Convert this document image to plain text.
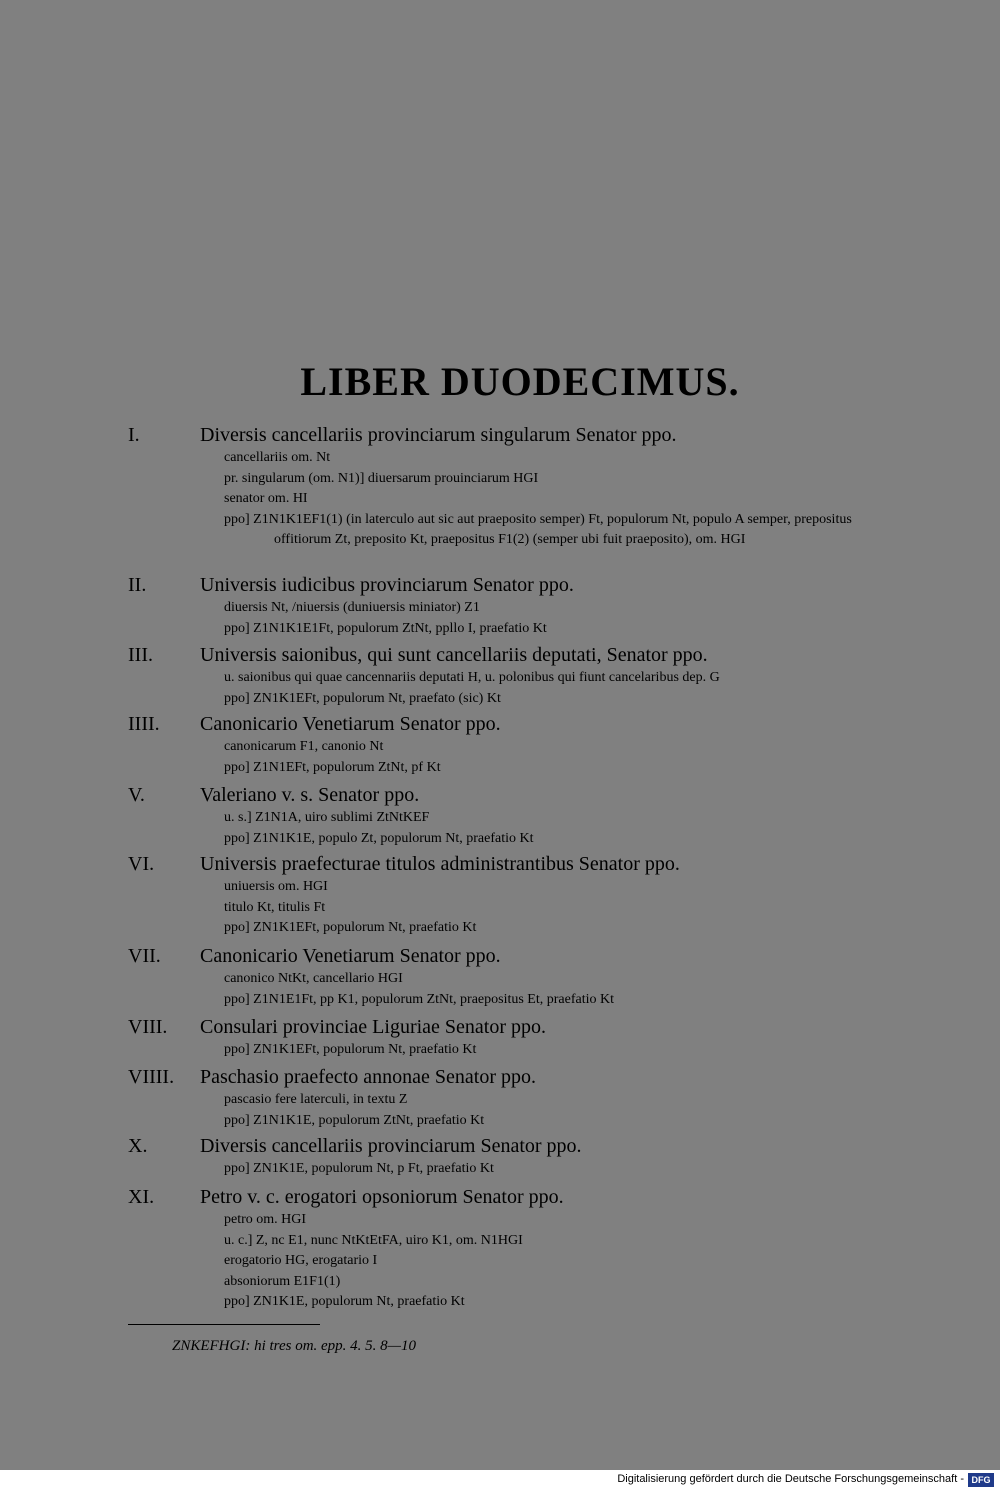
LIBER DUODECIMUS.
I.	Diversis cancellariis provinciarum singularum Senator ppo.
cancellariis om. Nt
pr. singularum (om. N1)] diuersarum prouinciarum HGI
senator om. HI
ppo] Z1N1K1EF1(1) (in laterculo aut sic aut praeposito semper) Ft, populorum Nt, populo A semper, prepositus offitiorum Zt, preposito Kt, praepositus F1(2) (semper ubi fuit praeposito), om. HGI
II.	Universis iudicibus provinciarum Senator ppo.
diuersis Nt, /niuersis (duniuersis miniator) Z1
ppo] Z1N1K1E1Ft, populorum ZtNt, ppllo I, praefatio Kt
III. Universis saionibus, qui sunt cancellariis deputati, Senator ppo.
u. saionibus qui quae cancennariis deputati H, u. polonibus qui fiunt cancelaribus dep. G
ppo] ZN1K1EFt, populorum Nt, praefato (sic) Kt
IIII. Canonicario Venetiarum Senator ppo.
canonicarum F1, canonio Nt
ppo] Z1N1EFt, populorum ZtNt, pf Kt
V.	Valeriano v. s. Senator ppo.
u. s.] Z1N1A, uiro sublimi ZtNtKEF
ppo] Z1N1K1E, populo Zt, populorum Nt, praefatio Kt
VI. Universis praefecturae titulos administrantibus Senator ppo.
uniuersis om. HGI
titulo Kt, titulis Ft
ppo] ZN1K1EFt, populorum Nt, praefatio Kt
VII. Canonicario Venetiarum Senator ppo.
canonico NtKt, cancellario HGI
ppo] Z1N1E1Ft, pp K1, populorum ZtNt, praepositus Et, praefatio Kt
VIII. Consulari provinciae Liguriae Senator ppo.
ppo] ZN1K1EFt, populorum Nt, praefatio Kt
VIIII. Paschasio praefecto annonae Senator ppo.
pascasio fere laterculi, in textu Z
ppo] Z1N1K1E, populorum ZtNt, praefatio Kt
X.	Diversis cancellariis provinciarum Senator ppo.
ppo] ZN1K1E, populorum Nt, p Ft, praefatio Kt
XI. Petro v. c. erogatori opsoniorum Senator ppo.
petro om. HGI
u. c.] Z, nc E1, nunc NtKtEtFA, uiro K1, om. N1HGI
erogatorio HG, erogatario I
absoniorum E1F1(1)
ppo] ZN1K1E, populorum Nt, praefatio Kt
ZNKEFHGI: hi tres om. epp. 4. 5. 8—10
Digitalisierung gefördert durch die Deutsche Forschungsgemeinschaft - DFG
